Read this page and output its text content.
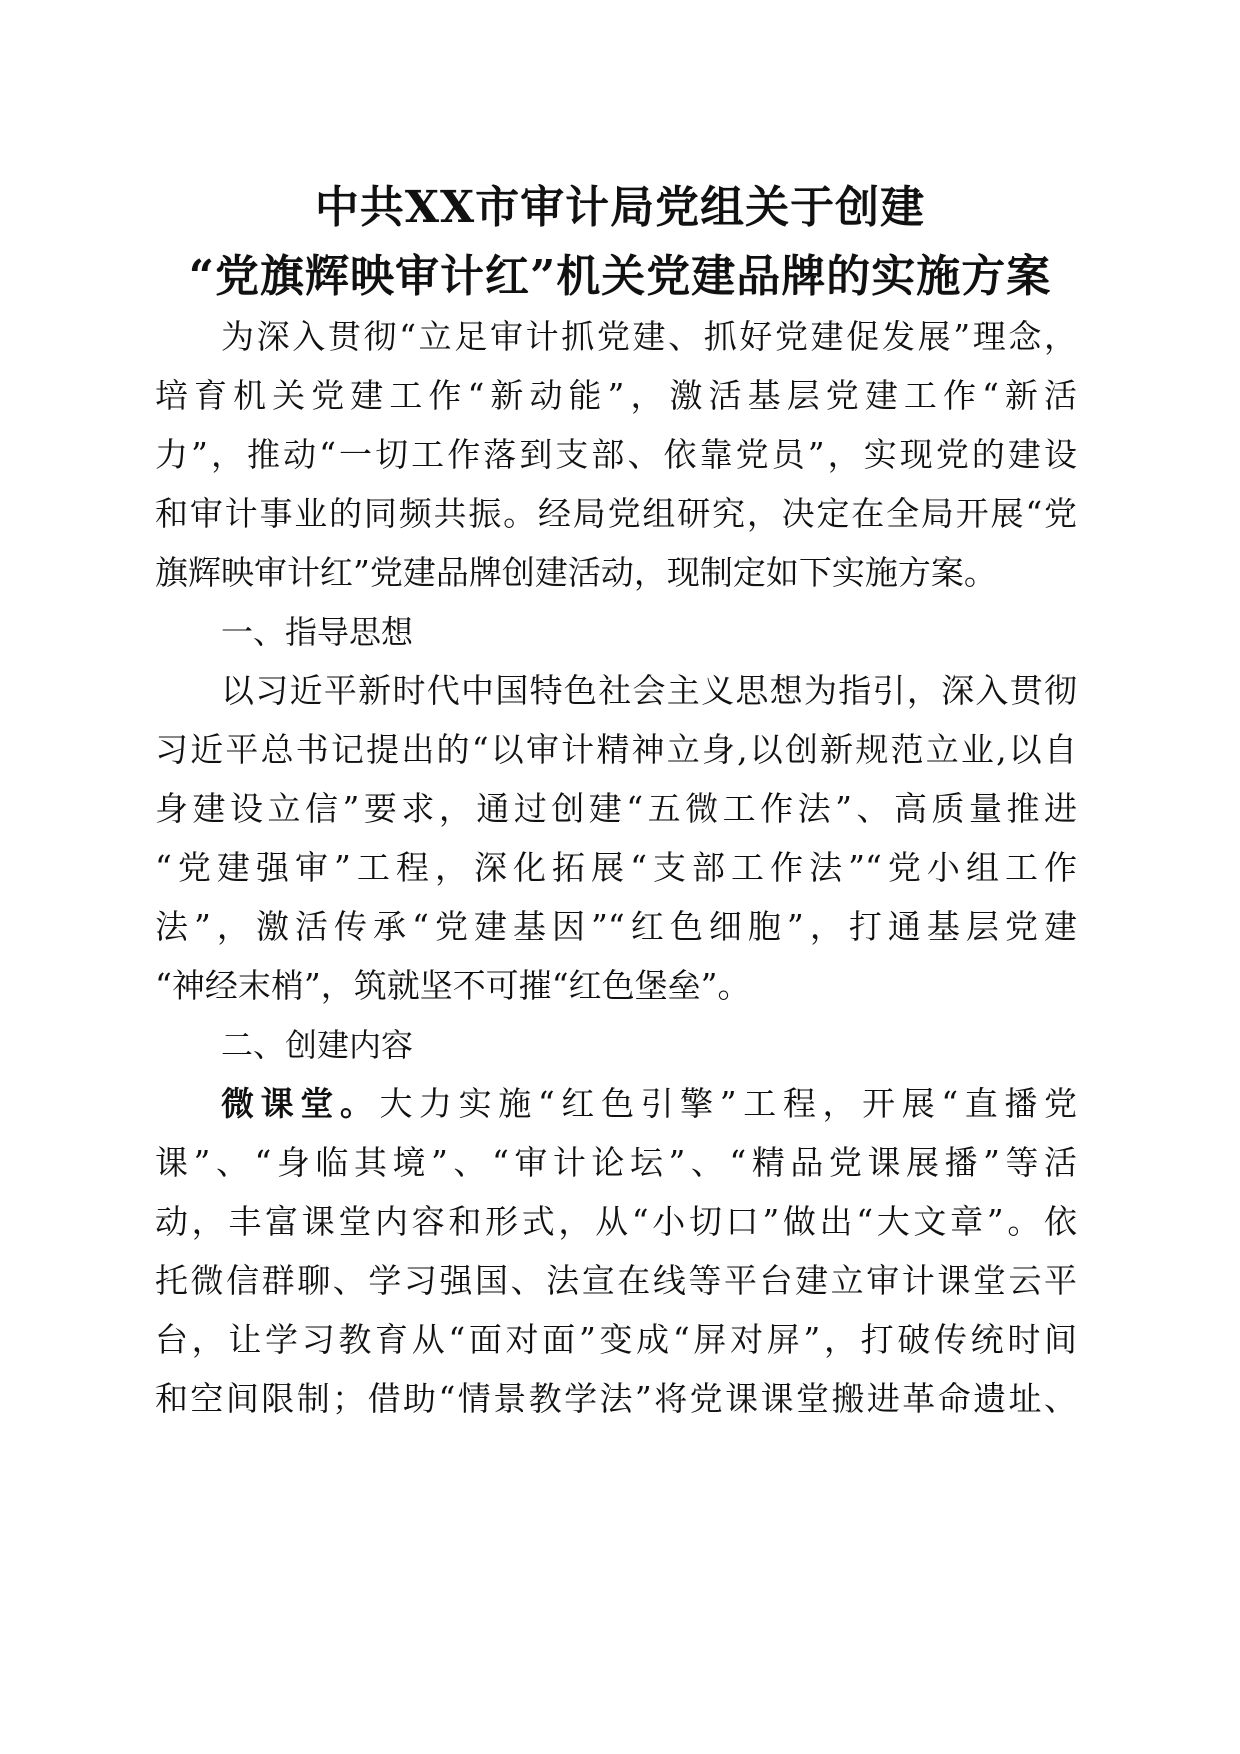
中共XX市审计局党组关于创建
“党旗辉映审计红”机关党建品牌的实施方案
为深入贯彻“立足审计抓党建、抓好党建促发展”理念，
培育机关党建工作“新动能”，激活基层党建工作“新活
力”，推动“一切工作落到支部、依靠党员”，实现党的建设
和审计事业的同频共振。经局党组研究，决定在全局开展“党
旗辉映审计红”党建品牌创建活动，现制定如下实施方案。
一、指导思想
以习近平新时代中国特色社会主义思想为指引，深入贯彻
习近平总书记提出的“以审计精神立身,以创新规范立业,以自
身建设立信”要求，通过创建“五微工作法”、高质量推进
“党建强审”工程，深化拓展“支部工作法”“党小组工作
法”，激活传承“党建基因”“红色细胞”，打通基层党建
“神经末梢”，筑就坚不可摧“红色堡垒”。
二、创建内容
微课堂。大力实施“红色引擎”工程，开展“直播党
课”、“身临其境”、“审计论坛”、“精品党课展播”等活
动，丰富课堂内容和形式，从“小切口”做出“大文章”。依
托微信群聊、学习强国、法宣在线等平台建立审计课堂云平
台，让学习教育从“面对面”变成“屏对屏”，打破传统时间
和空间限制；借助“情景教学法”将党课课堂搬进革命遗址、
